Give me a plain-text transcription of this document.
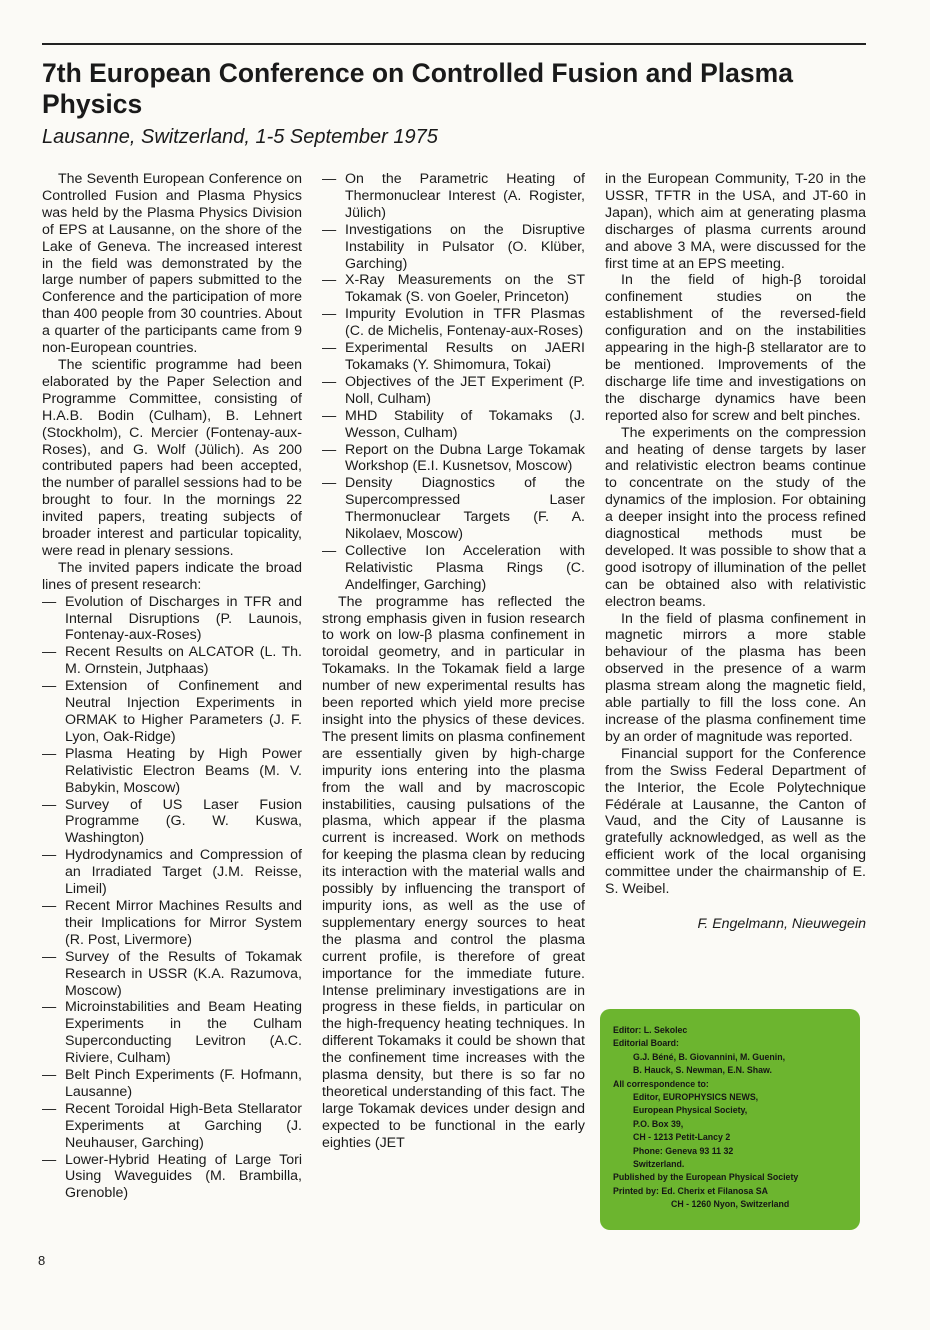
7th European Conference on Controlled Fusion and Plasma Physics

Lausanne, Switzerland, 1-5 September 1975

The Seventh European Conference on Controlled Fusion and Plasma Physics was held by the Plasma Physics Division of EPS at Lausanne, on the shore of the Lake of Geneva. The increased interest in the field was demonstrated by the large number of papers submitted to the Conference and the participation of more than 400 people from 30 countries. About a quarter of the participants came from 9 non-European countries.

The scientific programme had been elaborated by the Paper Selection and Programme Committee, consisting of H.A.B. Bodin (Culham), B. Lehnert (Stockholm), C. Mercier (Fontenay-aux-Roses), and G. Wolf (Jülich). As 200 contributed papers had been accepted, the number of parallel sessions had to be brought to four. In the mornings 22 invited papers, treating subjects of broader interest and particular topicality, were read in plenary sessions.

The invited papers indicate the broad lines of present research:

— Evolution of Discharges in TFR and Internal Disruptions (P. Launois, Fontenay-aux-Roses)
— Recent Results on ALCATOR (L. Th. M. Ornstein, Jutphaas)
— Extension of Confinement and Neutral Injection Experiments in ORMAK to Higher Parameters (J. F. Lyon, Oak-Ridge)
— Plasma Heating by High Power Relativistic Electron Beams (M. V. Babykin, Moscow)
— Survey of US Laser Fusion Programme (G. W. Kuswa, Washington)
— Hydrodynamics and Compression of an Irradiated Target (J.M. Reisse, Limeil)
— Recent Mirror Machines Results and their Implications for Mirror System (R. Post, Livermore)
— Survey of the Results of Tokamak Research in USSR (K.A. Razumova, Moscow)
— Microinstabilities and Beam Heating Experiments in the Culham Superconducting Levitron (A.C. Riviere, Culham)
— Belt Pinch Experiments (F. Hofmann, Lausanne)
— Recent Toroidal High-Beta Stellarator Experiments at Garching (J. Neuhauser, Garching)
— Lower-Hybrid Heating of Large Tori Using Waveguides (M. Brambilla, Grenoble)
— On the Parametric Heating of Thermonuclear Interest (A. Rogister, Jülich)
— Investigations on the Disruptive Instability in Pulsator (O. Klüber, Garching)
— X-Ray Measurements on the ST Tokamak (S. von Goeler, Princeton)
— Impurity Evolution in TFR Plasmas (C. de Michelis, Fontenay-aux-Roses)
— Experimental Results on JAERI Tokamaks (Y. Shimomura, Tokai)
— Objectives of the JET Experiment (P. Noll, Culham)
— MHD Stability of Tokamaks (J. Wesson, Culham)
— Report on the Dubna Large Tokamak Workshop (E.I. Kusnetsov, Moscow)
— Density Diagnostics of the Supercompressed Laser Thermonuclear Targets (F. A. Nikolaev, Moscow)
— Collective Ion Acceleration with Relativistic Plasma Rings (C. Andelfinger, Garching)

The programme has reflected the strong emphasis given in fusion research to work on low-β plasma confinement in toroidal geometry, and in particular in Tokamaks. In the Tokamak field a large number of new experimental results has been reported which yield more precise insight into the physics of these devices. The present limits on plasma confinement are essentially given by high-charge impurity ions entering into the plasma from the wall and by macroscopic instabilities, causing pulsations of the plasma, which appear if the plasma current is increased. Work on methods for keeping the plasma clean by reducing its interaction with the material walls and possibly by influencing the transport of impurity ions, as well as the use of supplementary energy sources to heat the plasma and control the plasma current profile, is therefore of great importance for the immediate future. Intense preliminary investigations are in progress in these fields, in particular on the high-frequency heating techniques. In different Tokamaks it could be shown that the confinement time increases with the plasma density, but there is so far no theoretical understanding of this fact. The large Tokamak devices under design and expected to be functional in the early eighties (JET

in the European Community, T-20 in the USSR, TFTR in the USA, and JT-60 in Japan), which aim at generating plasma discharges of plasma currents around and above 3 MA, were discussed for the first time at an EPS meeting.

In the field of high-β toroidal confinement studies on the establishment of the reversed-field configuration and on the instabilities appearing in the high-β stellarator are to be mentioned. Improvements of the discharge life time and investigations on the discharge dynamics have been reported also for screw and belt pinches.

The experiments on the compression and heating of dense targets by laser and relativistic electron beams continue to concentrate on the study of the dynamics of the implosion. For obtaining a deeper insight into the process refined diagnostical methods must be developed. It was possible to show that a good isotropy of illumination of the pellet can be obtained also with relativistic electron beams.

In the field of plasma confinement in magnetic mirrors a more stable behaviour of the plasma has been observed in the presence of a warm plasma stream along the magnetic field, able partially to fill the loss cone. An increase of the plasma confinement time by an order of magnitude was reported.

Financial support for the Conference from the Swiss Federal Department of the Interior, the Ecole Polytechnique Fédérale at Lausanne, the Canton of Vaud, and the City of Lausanne is gratefully acknowledged, as well as the efficient work of the local organising committee under the chairmanship of E. S. Weibel.

F. Engelmann, Nieuwegein

Editor: L. Sekolec
Editorial Board:
G.J. Béné, B. Giovannini, M. Guenin,
B. Hauck, S. Newman, E.N. Shaw.
All correspondence to:
Editor, EUROPHYSICS NEWS,
European Physical Society,
P.O. Box 39,
CH - 1213 Petit-Lancy 2
Phone: Geneva 93 11 32
Switzerland.
Published by the European Physical Society
Printed by: Ed. Cherix et Filanosa SA
CH - 1260 Nyon, Switzerland
8
